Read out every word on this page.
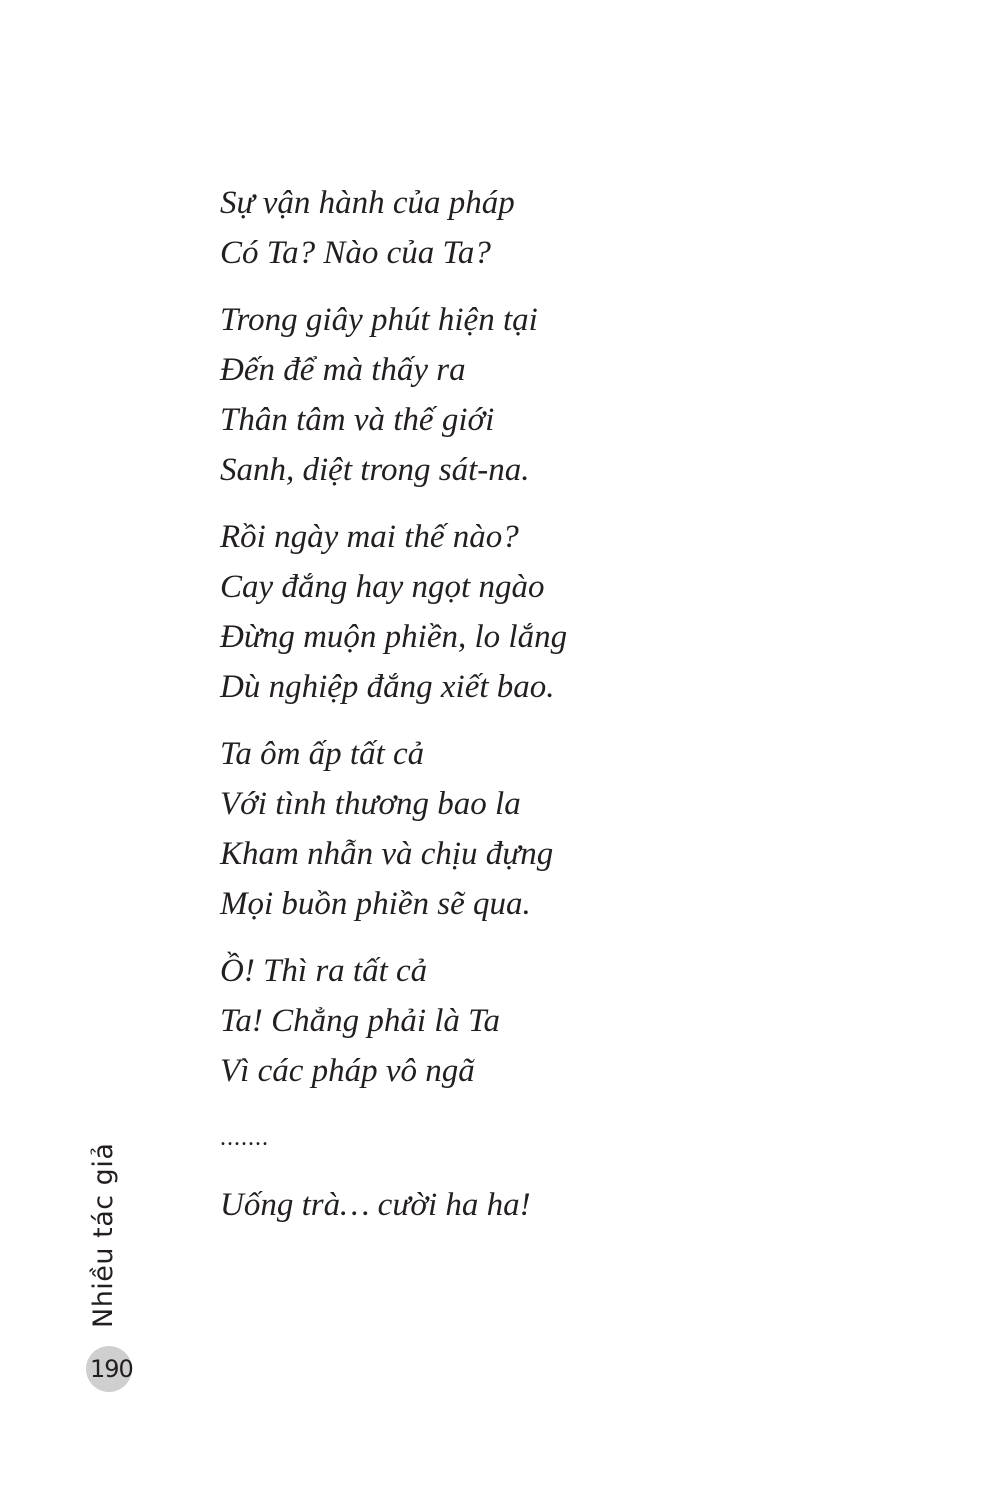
Sự vận hành của pháp
Có Ta? Nào của Ta?
Trong giây phút hiện tại
Đến để mà thấy ra
Thân tâm và thế giới
Sanh, diệt trong sát-na.
Rồi ngày mai thế nào?
Cay đắng hay ngọt ngào
Đừng muộn phiền, lo lắng
Dù nghiệp đắng xiết bao.
Ta ôm ấp tất cả
Với tình thương bao la
Kham nhẫn và chịu đựng
Mọi buồn phiền sẽ qua.
Ồ! Thì ra tất cả
Ta! Chẳng phải là Ta
Vì các pháp vô ngã
.......
Uống trà… cười ha ha!
Nhiều tác giả
190
